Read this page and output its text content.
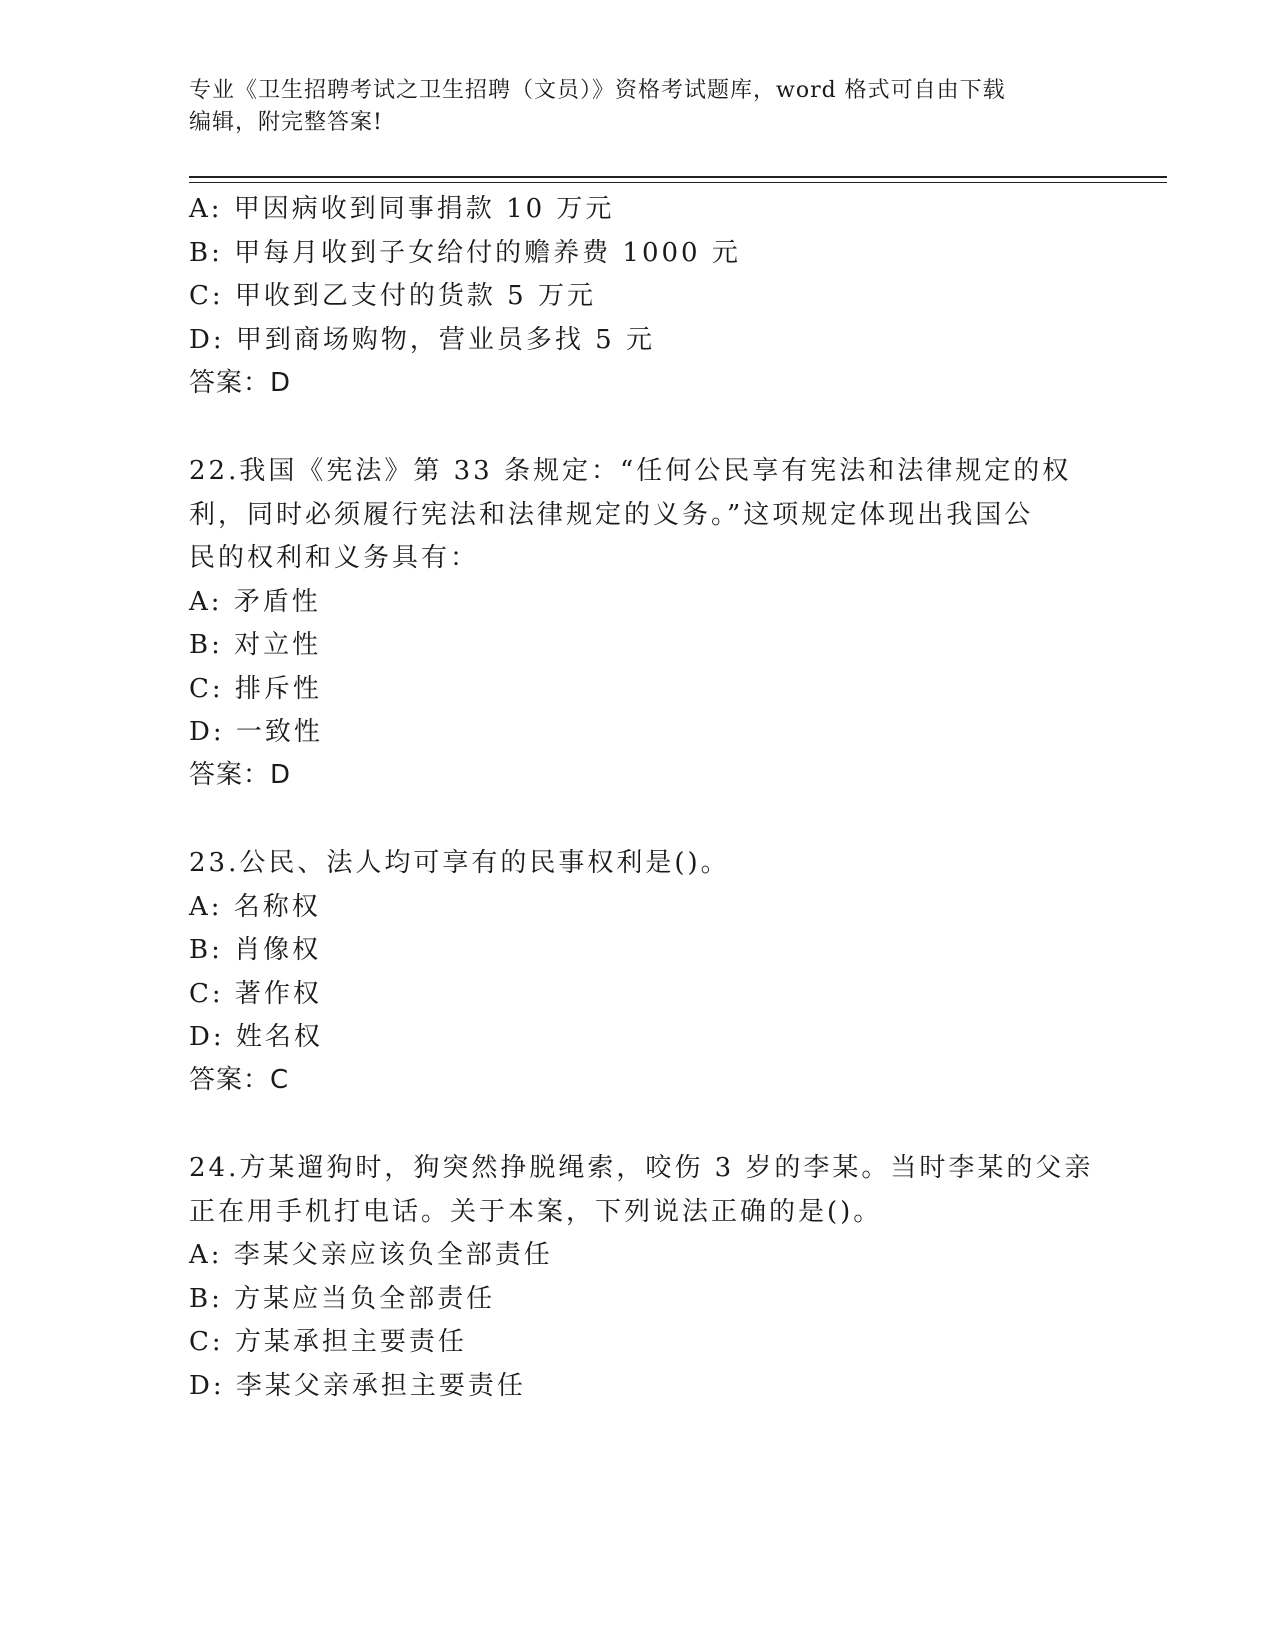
专业《卫生招聘考试之卫生招聘（文员）》资格考试题库，word 格式可自由下载
编辑，附完整答案!
A: 甲因病收到同事捐款 10 万元
B: 甲每月收到子女给付的赡养费 1000 元
C: 甲收到乙支付的货款 5 万元
D: 甲到商场购物，营业员多找 5 元
答案：D
22.我国《宪法》第 33 条规定：“任何公民享有宪法和法律规定的权
利，同时必须履行宪法和法律规定的义务。”这项规定体现出我国公
民的权利和义务具有：
A: 矛盾性
B: 对立性
C: 排斥性
D: 一致性
答案：D
23.公民、法人均可享有的民事权利是()。
A: 名称权
B: 肖像权
C: 著作权
D: 姓名权
答案：C
24.方某遛狗时，狗突然挣脱绳索，咬伤 3 岁的李某。当时李某的父亲
正在用手机打电话。关于本案，下列说法正确的是()。
A: 李某父亲应该负全部责任
B: 方某应当负全部责任
C: 方某承担主要责任
D: 李某父亲承担主要责任
